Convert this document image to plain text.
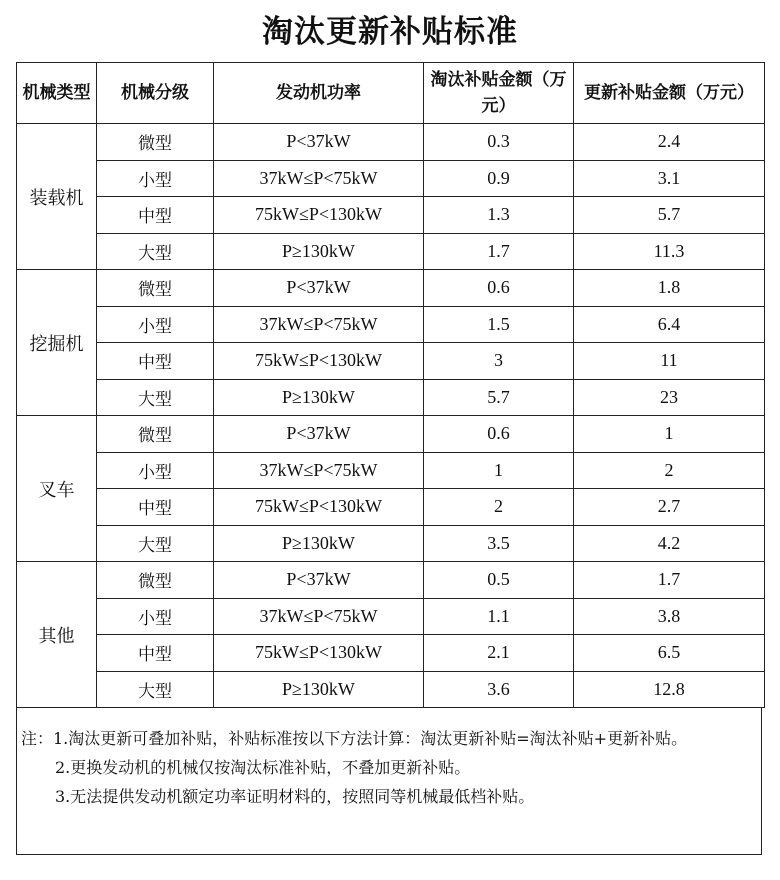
淘汰更新补贴标准
机械类型	机械分级	发动机功率	淘汰补贴金额（万元）	更新补贴金额（万元）
装载机	微型	P<37kW	0.3	2.4
	小型	37kW≤P<75kW	0.9	3.1
	中型	75kW≤P<130kW	1.3	5.7
	大型	P≥130kW	1.7	11.3
挖掘机	微型	P<37kW	0.6	1.8
	小型	37kW≤P<75kW	1.5	6.4
	中型	75kW≤P<130kW	3	11
	大型	P≥130kW	5.7	23
叉车	微型	P<37kW	0.6	1
	小型	37kW≤P<75kW	1	2
	中型	75kW≤P<130kW	2	2.7
	大型	P≥130kW	3.5	4.2
其他	微型	P<37kW	0.5	1.7
	小型	37kW≤P<75kW	1.1	3.8
	中型	75kW≤P<130kW	2.1	6.5
	大型	P≥130kW	3.6	12.8
注：1.淘汰更新可叠加补贴，补贴标准按以下方法计算：淘汰更新补贴=淘汰补贴+更新补贴。
2.更换发动机的机械仅按淘汰标准补贴，不叠加更新补贴。
3.无法提供发动机额定功率证明材料的，按照同等机械最低档补贴。
